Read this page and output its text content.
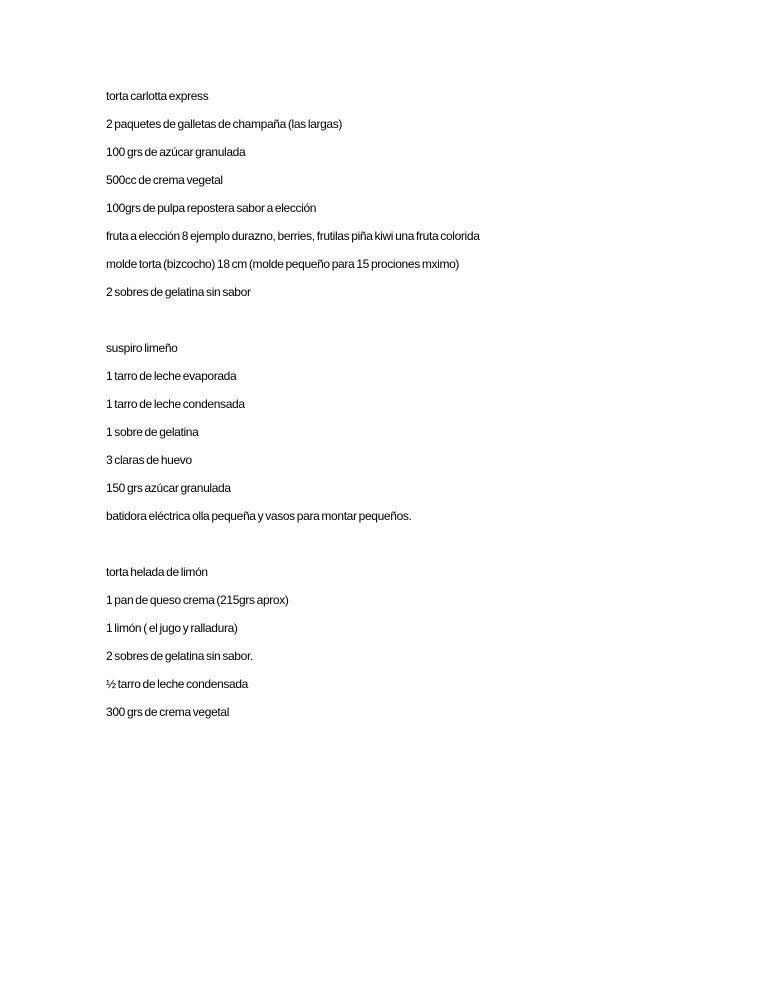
torta carlotta express
2 paquetes de galletas de champaña (las largas)
100 grs de azúcar granulada
500cc de crema vegetal
100grs de pulpa repostera sabor a elección
fruta a elección 8 ejemplo durazno, berries, frutilas piña kiwi una fruta colorida
molde torta (bizcocho) 18 cm (molde pequeño para 15 prociones mximo)
2 sobres de gelatina sin sabor
suspiro limeño
1 tarro de leche evaporada
1 tarro de leche condensada
1 sobre de gelatina
3 claras de huevo
150 grs azúcar granulada
batidora eléctrica olla pequeña y vasos para montar pequeños.
torta helada de limón
1 pan de queso crema (215grs aprox)
1 limón ( el jugo y ralladura)
2 sobres de gelatina sin sabor.
½ tarro de leche condensada
300 grs de crema vegetal
